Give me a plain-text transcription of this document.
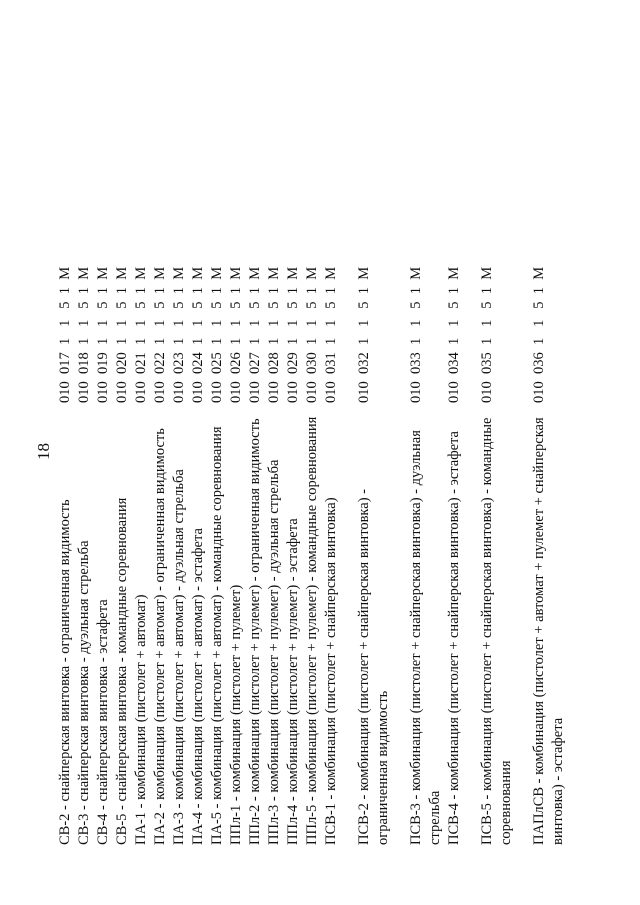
18
СВ-2 - снайперская винтовка - ограниченная видимость
010  017  1   1   5  1  М
СВ-3 - снайперская винтовка - дуэльная стрельба
010  018  1   1   5  1  М
СВ-4 - снайперская винтовка - эстафета
010  019  1   1   5  1  М
СВ-5 - снайперская винтовка - командные соревнования
010  020  1   1   5  1  М
ПА-1 - комбинация (пистолет + автомат)
010  021  1   1   5  1  М
ПА-2 - комбинация (пистолет + автомат) - ограниченная видимость
010  022  1   1   5  1  М
ПА-3 - комбинация (пистолет + автомат) - дуэльная стрельба
010  023  1   1   5  1  М
ПА-4 - комбинация (пистолет + автомат) - эстафета
010  024  1   1   5  1  М
ПА-5 - комбинация (пистолет + автомат) - командные соревнования
010  025  1   1   5  1  М
ППл-1 - комбинация (пистолет + пулемет)
010  026  1   1   5  1  М
ППл-2 - комбинация (пистолет + пулемет) - ограниченная видимость
010  027  1   1   5  1  М
ППл-3 - комбинация (пистолет + пулемет) - дуэльная стрельба
010  028  1   1   5  1  М
ППл-4 - комбинация (пистолет + пулемет) - эстафета
010  029  1   1   5  1  М
ППл-5 - комбинация (пистолет + пулемет) - командные соревнования
010  030  1   1   5  1  М
ПСВ-1 - комбинация (пистолет + снайперская винтовка)
010  031  1   1   5  1  М
ПСВ-2 - комбинация (пистолет + снайперская винтовка) - ограниченная видимость
010  032  1   1   5  1  М
ПСВ-3 - комбинация (пистолет + снайперская винтовка) - дуэльная стрельба
010  033  1   1   5  1  М
ПСВ-4 - комбинация (пистолет + снайперская винтовка) - эстафета
010  034  1   1   5  1  М
ПСВ-5 - комбинация (пистолет + снайперская винтовка) - командные соревнования
010  035  1   1   5  1  М
ПАПлСВ - комбинация (пистолет + автомат + пулемет + снайперская винтовка) - эстафета
010  036  1   1   5  1  М
